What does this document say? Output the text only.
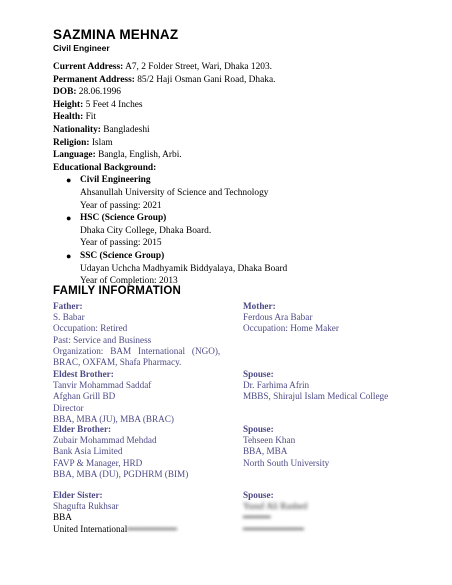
SAZMINA MEHNAZ
Civil Engineer
Current Address: A7, 2 Folder Street, Wari, Dhaka 1203.
Permanent Address: 85/2 Haji Osman Gani Road, Dhaka.
DOB: 28.06.1996
Height: 5 Feet 4 Inches
Health: Fit
Nationality: Bangladeshi
Religion: Islam
Language: Bangla, English, Arbi.
Educational Background:
● Civil Engineering
Ahsanullah University of Science and Technology
Year of passing: 2021
● HSC (Science Group)
Dhaka City College, Dhaka Board.
Year of passing: 2015
● SSC (Science Group)
Udayan Uchcha Madhyamik Biddyalaya, Dhaka Board
Year of Completion: 2013
FAMILY INFORMATION
Father:
S. Babar
Occupation: Retired
Past: Service and Business
Organization:   BAM   International   (NGO),
BRAC, OXFAM, Shafa Pharmacy.
Mother:
Ferdous Ara Babar
Occupation: Home Maker
Eldest Brother:
Tanvir Mohammad Saddaf
Afghan Grill BD
Director
BBA, MBA (JU), MBA (BRAC)
Spouse:
Dr. Farhima Afrin
MBBS, Shirajul Islam Medical College
Elder Brother:
Zubair Mohammad Mehdad
Bank Asia Limited
FAVP & Manager, HRD
BBA, MBA (DU), PGDHRM (BIM)
Spouse:
Tehseen Khan
BBA, MBA
North South University
Elder Sister:
Shagufta Rukhsar
BBA
United International━━━━━━━━━
Spouse:
Yusuf Ali Rashed
━━━━━
━━━━━━━━━━━
